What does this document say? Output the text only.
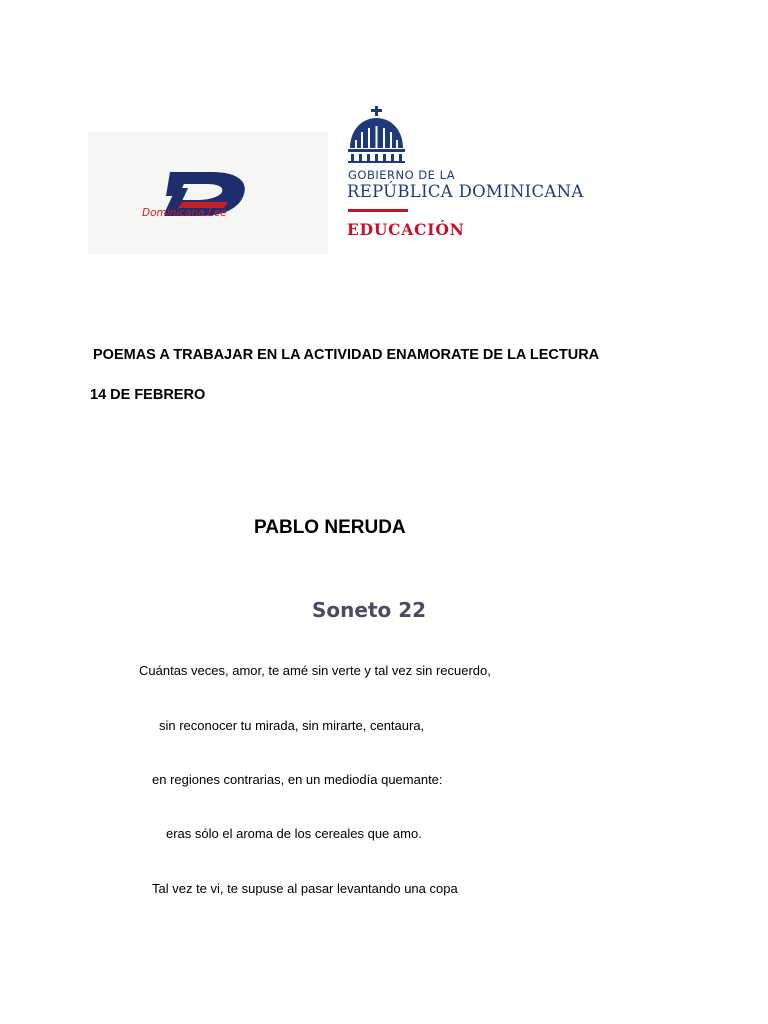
Dominicana Lee
GOBIERNO DE LA
REPÚBLICA DOMINICANA
EDUCACIÓN
POEMAS A TRABAJAR EN LA ACTIVIDAD ENAMORATE DE LA LECTURA
14 DE FEBRERO
PABLO NERUDA
Soneto 22
Cuántas veces, amor, te amé sin verte y tal vez sin recuerdo,
sin reconocer tu mirada, sin mirarte, centaura,
en regiones contrarias, en un mediodía quemante:
eras sólo el aroma de los cereales que amo.
Tal vez te vi, te supuse al pasar levantando una copa
